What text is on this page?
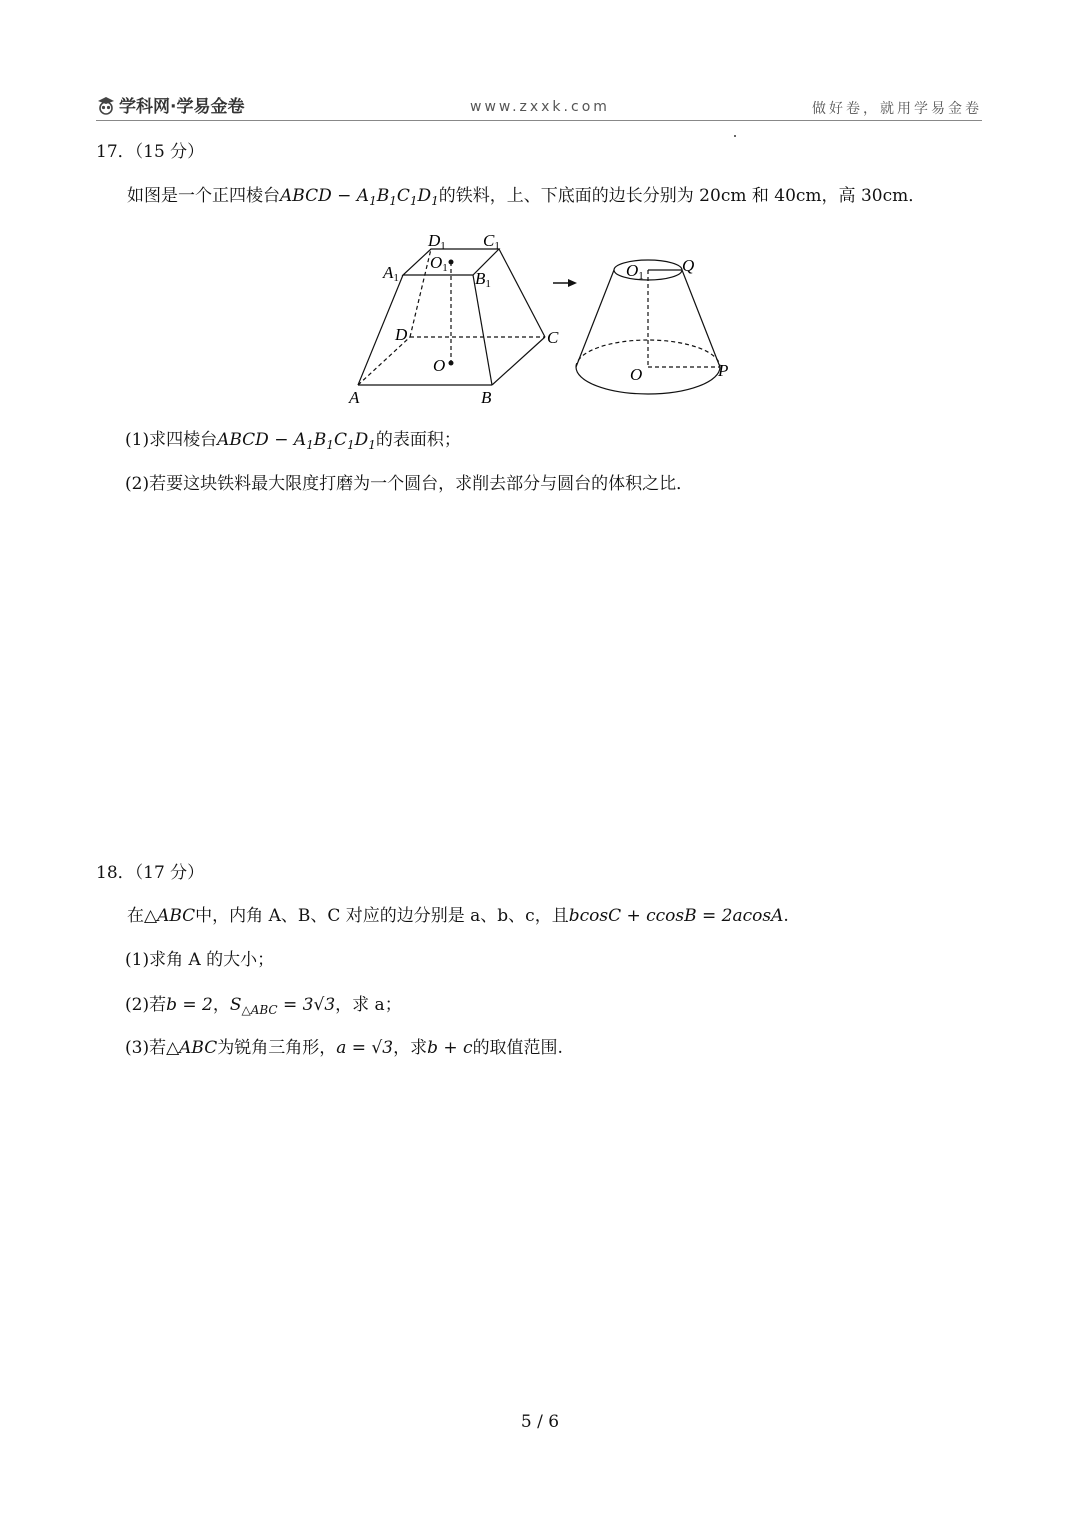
学科网·学易金卷	www.zxxk.com	做好卷，就用学易金卷
17．（15 分）
如图是一个正四棱台ABCD − $A_1B_1C_1D_1$的铁料，上、下底面的边长分别为 20cm 和 40cm，高 30cm．
D1 C1
A1
O1
B1
D	C
O
A	B
O1
Q
O	P
(1)求四棱台ABCD − $A_1B_1C_1D_1$的表面积；
(2)若要这块铁料最大限度打磨为一个圆台，求削去部分与圆台的体积之比．
18．（17 分）
在△ABC中，内角 A、B、C 对应的边分别是 a、b、c，且bcosC + ccosB = 2acosA.
(1)求角 A 的大小；
(2)若b = 2，$S_{\triangle ABC} = 3√3$，求 a；
(3)若△ABC为锐角三角形，a = √3，求b + c的取值范围.
5 / 6
